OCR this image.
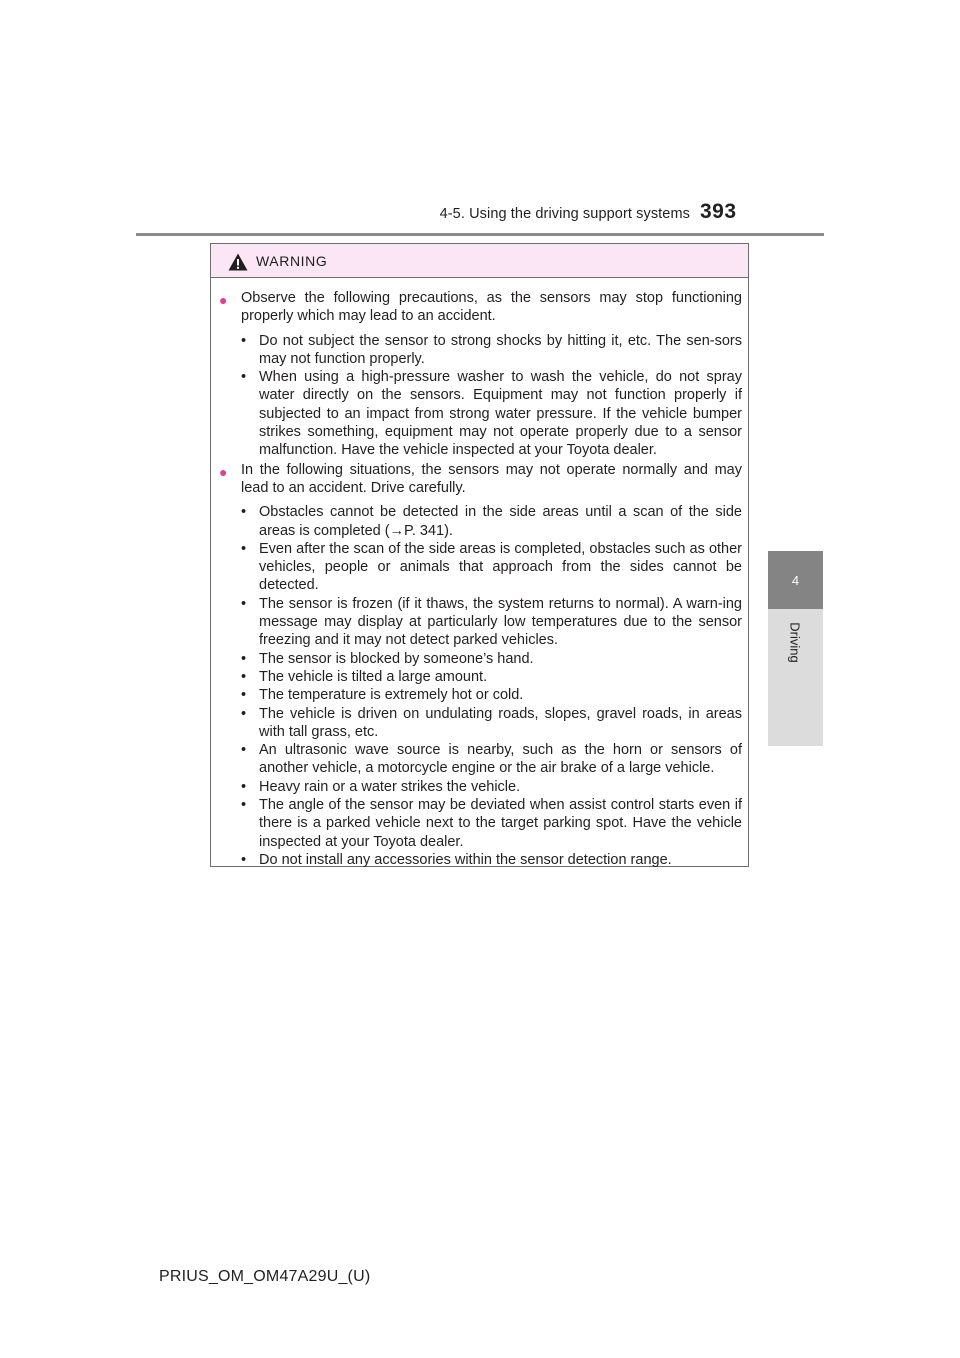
4-5. Using the driving support systems 393
4
Driving
WARNING
● Observe the following precautions, as the sensors may stop functioning properly which may lead to an accident.
• Do not subject the sensor to strong shocks by hitting it, etc. The sen-sors may not function properly.
• When using a high-pressure washer to wash the vehicle, do not spray water directly on the sensors. Equipment may not function properly if subjected to an impact from strong water pressure. If the vehicle bumper strikes something, equipment may not operate properly due to a sensor malfunction. Have the vehicle inspected at your Toyota dealer.
● In the following situations, the sensors may not operate normally and may lead to an accident. Drive carefully.
• Obstacles cannot be detected in the side areas until a scan of the side areas is completed (→P. 341).
• Even after the scan of the side areas is completed, obstacles such as other vehicles, people or animals that approach from the sides cannot be detected.
• The sensor is frozen (if it thaws, the system returns to normal). A warn-ing message may display at particularly low temperatures due to the sensor freezing and it may not detect parked vehicles.
• The sensor is blocked by someone’s hand.
• The vehicle is tilted a large amount.
• The temperature is extremely hot or cold.
• The vehicle is driven on undulating roads, slopes, gravel roads, in areas with tall grass, etc.
• An ultrasonic wave source is nearby, such as the horn or sensors of another vehicle, a motorcycle engine or the air brake of a large vehicle.
• Heavy rain or a water strikes the vehicle.
• The angle of the sensor may be deviated when assist control starts even if there is a parked vehicle next to the target parking spot. Have the vehicle inspected at your Toyota dealer.
• Do not install any accessories within the sensor detection range.
PRIUS_OM_OM47A29U_(U)
